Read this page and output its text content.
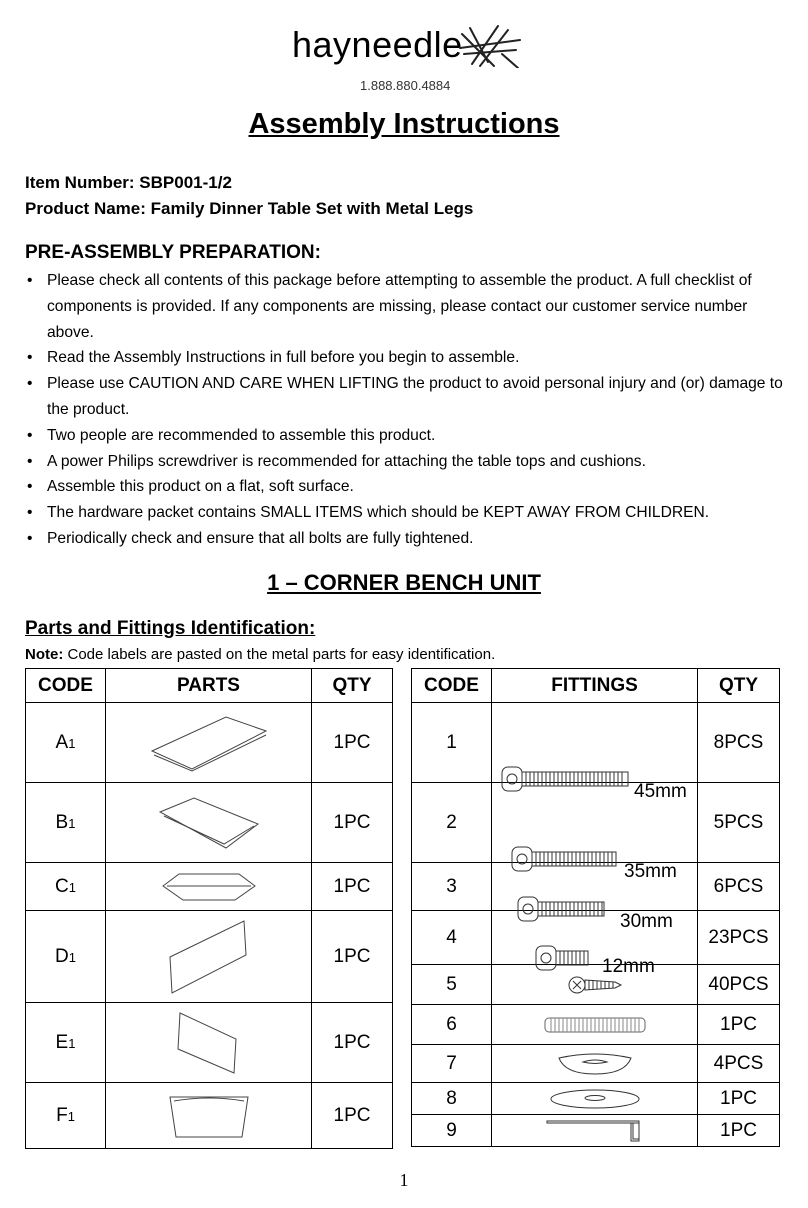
hayneedle
1.888.880.4884
Assembly Instructions
Item Number: SBP001-1/2
Product Name: Family Dinner Table Set with Metal Legs
PRE-ASSEMBLY PREPARATION:
• Please check all contents of this package before attempting to assemble the product. A full checklist of components is provided. If any components are missing, please contact our customer service number above.
• Read the Assembly Instructions in full before you begin to assemble.
• Please use CAUTION AND CARE WHEN LIFTING the product to avoid personal injury and (or) damage to the product.
• Two people are recommended to assemble this product.
• A power Philips screwdriver is recommended for attaching the table tops and cushions.
• Assemble this product on a flat, soft surface.
• The hardware packet contains SMALL ITEMS which should be KEPT AWAY FROM CHILDREN.
• Periodically check and ensure that all bolts are fully tightened.
1 – CORNER BENCH UNIT
Parts and Fittings Identification:
Note: Code labels are pasted on the metal parts for easy identification.
CODE	PARTS	QTY
A1		1PC
B1		1PC
C1		1PC
D1		1PC
E1		1PC
F1		1PC
CODE	FITTINGS	QTY
1	45mm	8PCS
2	35mm	5PCS
3	30mm	6PCS
4	12mm	23PCS
5		40PCS
6		1PC
7		4PCS
8		1PC
9		1PC
1
